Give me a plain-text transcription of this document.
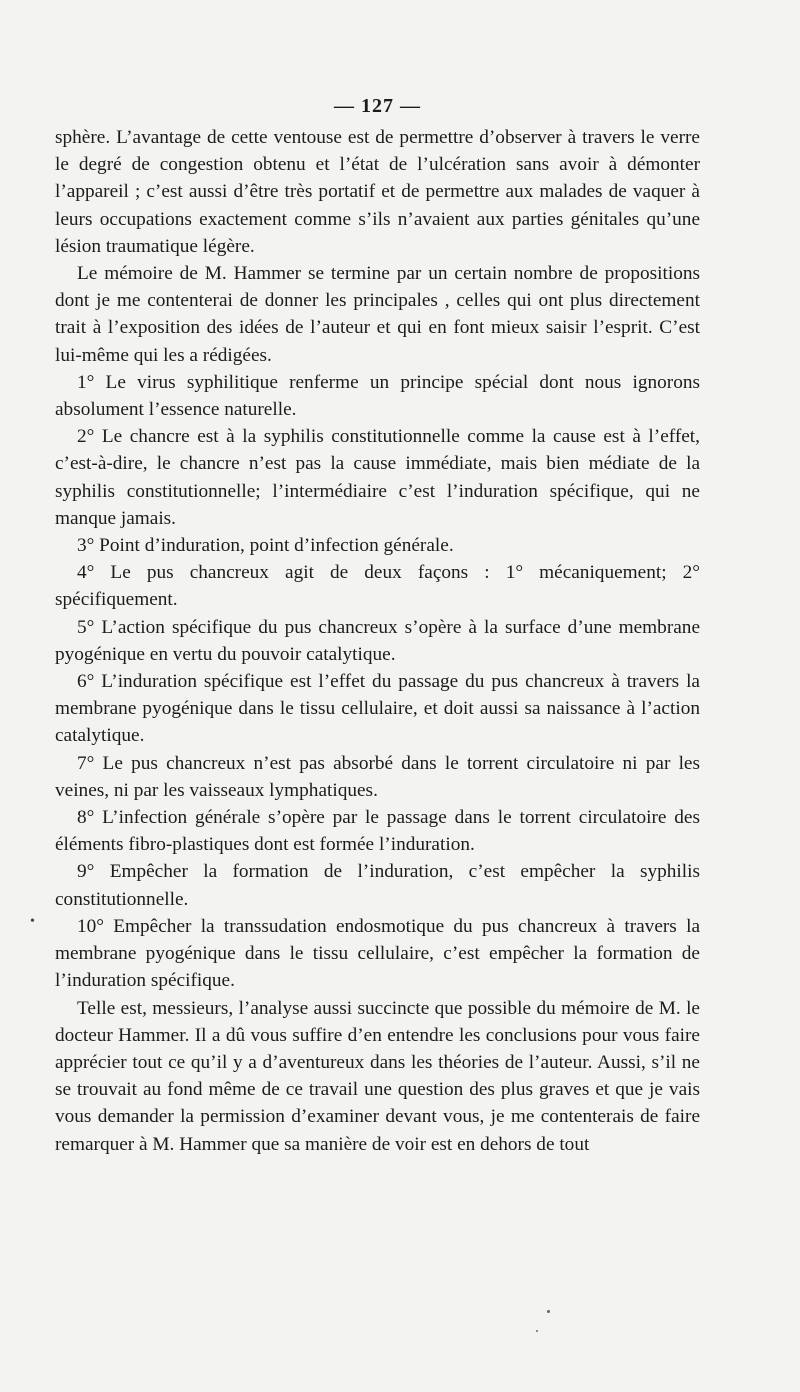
— 127 —

sphère. L’avantage de cette ventouse est de permettre d’observer à travers le verre le degré de congestion obtenu et l’état de l’ulcération sans avoir à démonter l’appareil ; c’est aussi d’être très portatif et de permettre aux malades de vaquer à leurs occupations exactement comme s’ils n’avaient aux parties génitales qu’une lésion traumatique légère.

Le mémoire de M. Hammer se termine par un certain nombre de propositions dont je me contenterai de donner les principales , celles qui ont plus directement trait à l’exposition des idées de l’auteur et qui en font mieux saisir l’esprit. C’est lui-même qui les a rédigées.

1° Le virus syphilitique renferme un principe spécial dont nous ignorons absolument l’essence naturelle.

2° Le chancre est à la syphilis constitutionnelle comme la cause est à l’effet, c’est-à-dire, le chancre n’est pas la cause immédiate, mais bien médiate de la syphilis constitutionnelle; l’intermédiaire c’est l’induration spécifique, qui ne manque jamais.

3° Point d’induration, point d’infection générale.

4° Le pus chancreux agit de deux façons : 1° mécaniquement; 2° spécifiquement.

5° L’action spécifique du pus chancreux s’opère à la surface d’une membrane pyogénique en vertu du pouvoir catalytique.

6° L’induration spécifique est l’effet du passage du pus chancreux à travers la membrane pyogénique dans le tissu cellulaire, et doit aussi sa naissance à l’action catalytique.

7° Le pus chancreux n’est pas absorbé dans le torrent circulatoire ni par les veines, ni par les vaisseaux lymphatiques.

8° L’infection générale s’opère par le passage dans le torrent circulatoire des éléments fibro-plastiques dont est formée l’induration.

9° Empêcher la formation de l’induration, c’est empêcher la syphilis constitutionnelle.

10° Empêcher la transsudation endosmotique du pus chancreux à travers la membrane pyogénique dans le tissu cellulaire, c’est empêcher la formation de l’induration spécifique.

Telle est, messieurs, l’analyse aussi succincte que possible du mémoire de M. le docteur Hammer. Il a dû vous suffire d’en entendre les conclusions pour vous faire apprécier tout ce qu’il y a d’aventureux dans les théories de l’auteur. Aussi, s’il ne se trouvait au fond même de ce travail une question des plus graves et que je vais vous demander la permission d’examiner devant vous, je me contenterais de faire remarquer à M. Hammer que sa manière de voir est en dehors de tout

•
